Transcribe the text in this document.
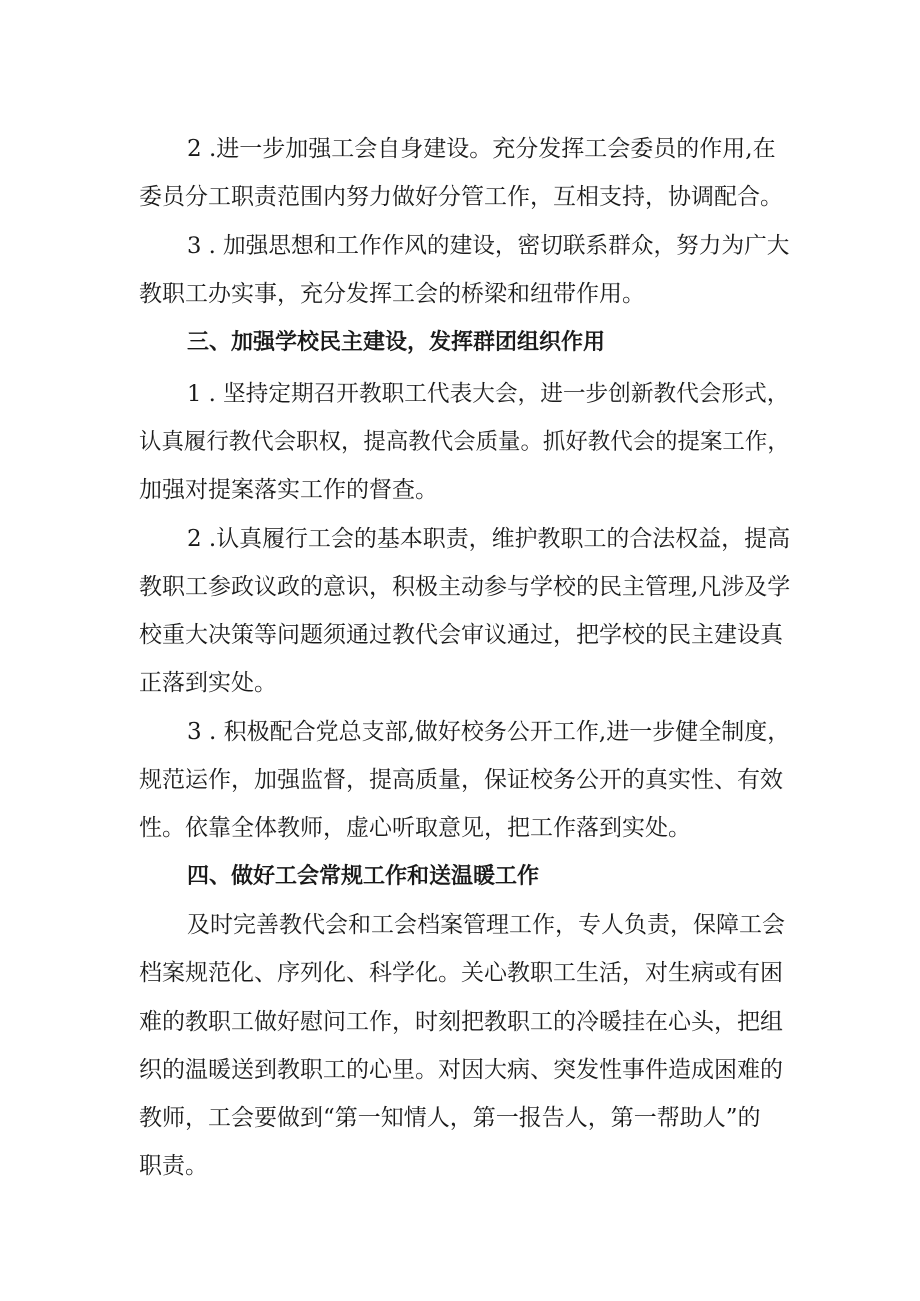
2 .进一步加强工会自身建设。充分发挥工会委员的作用,在
委员分工职责范围内努力做好分管工作，互相支持，协调配合。
3 . 加强思想和工作作风的建设，密切联系群众，努力为广大
教职工办实事，充分发挥工会的桥梁和纽带作用。
三、加强学校民主建设，发挥群团组织作用
1 . 坚持定期召开教职工代表大会，进一步创新教代会形式，
认真履行教代会职权，提高教代会质量。抓好教代会的提案工作，
加强对提案落实工作的督查。
2 .认真履行工会的基本职责，维护教职工的合法权益，提高
教职工参政议政的意识，积极主动参与学校的民主管理,凡涉及学
校重大决策等问题须通过教代会审议通过，把学校的民主建设真
正落到实处。
3 . 积极配合党总支部,做好校务公开工作,进一步健全制度，
规范运作，加强监督，提高质量，保证校务公开的真实性、有效
性。依靠全体教师，虚心听取意见，把工作落到实处。
四、做好工会常规工作和送温暖工作
及时完善教代会和工会档案管理工作，专人负责，保障工会
档案规范化、序列化、科学化。关心教职工生活，对生病或有困
难的教职工做好慰问工作，时刻把教职工的冷暖挂在心头，把组
织的温暖送到教职工的心里。对因大病、突发性事件造成困难的
教师，工会要做到“第一知情人，第一报告人，第一帮助人”的
职责。
